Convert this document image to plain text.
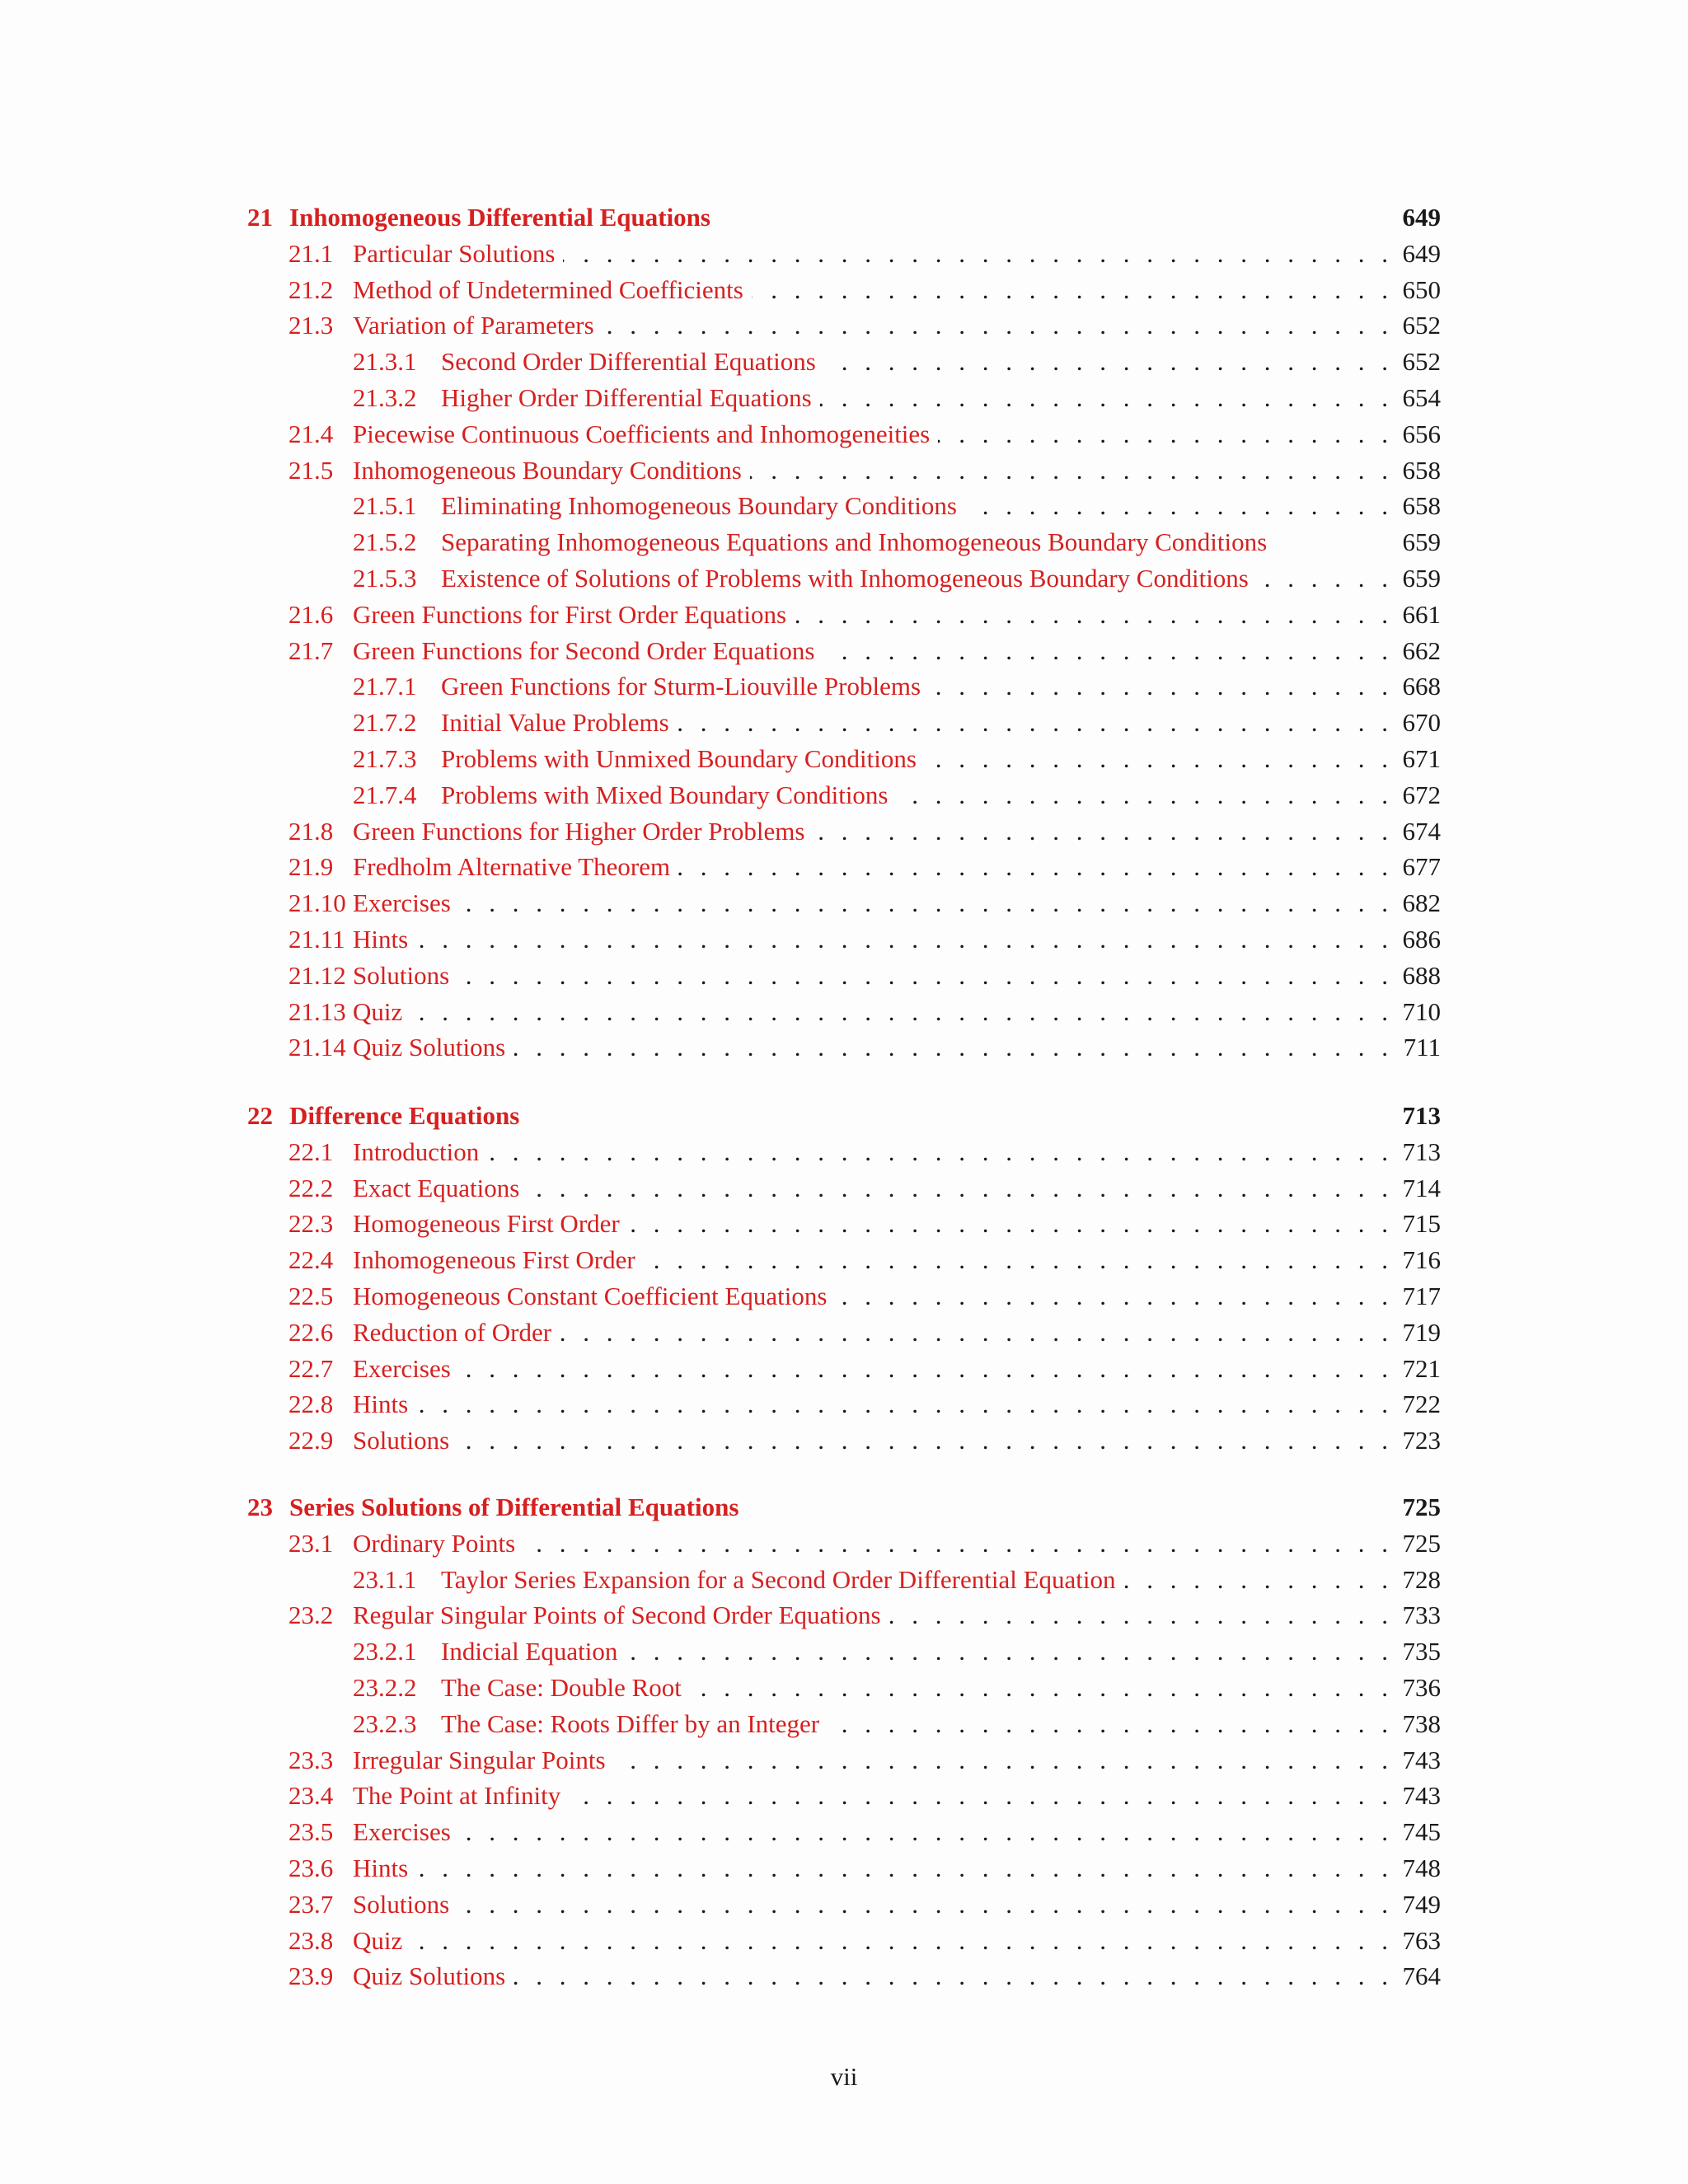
21 Inhomogeneous Differential Equations	649
21.1 Particular Solutions . . .	649
21.2 Method of Undetermined Coefficients . . .	650
21.3 Variation of Parameters . . .	652
21.3.1 Second Order Differential Equations . . .	652
21.3.2 Higher Order Differential Equations . . .	654
21.4 Piecewise Continuous Coefficients and Inhomogeneities . . .	656
21.5 Inhomogeneous Boundary Conditions . . .	658
21.5.1 Eliminating Inhomogeneous Boundary Conditions . . .	658
21.5.2 Separating Inhomogeneous Equations and Inhomogeneous Boundary Conditions	659
21.5.3 Existence of Solutions of Problems with Inhomogeneous Boundary Conditions . . .	659
21.6 Green Functions for First Order Equations . . .	661
21.7 Green Functions for Second Order Equations . . .	662
21.7.1 Green Functions for Sturm-Liouville Problems . . .	668
21.7.2 Initial Value Problems . . .	670
21.7.3 Problems with Unmixed Boundary Conditions . . .	671
21.7.4 Problems with Mixed Boundary Conditions . . .	672
21.8 Green Functions for Higher Order Problems . . .	674
21.9 Fredholm Alternative Theorem . . .	677
21.10 Exercises . . .	682
21.11 Hints . . .	686
21.12 Solutions . . .	688
21.13 Quiz . . .	710
21.14 Quiz Solutions . . .	711
22 Difference Equations	713
22.1 Introduction . . .	713
22.2 Exact Equations . . .	714
22.3 Homogeneous First Order . . .	715
22.4 Inhomogeneous First Order . . .	716
22.5 Homogeneous Constant Coefficient Equations . . .	717
22.6 Reduction of Order . . .	719
22.7 Exercises . . .	721
22.8 Hints . . .	722
22.9 Solutions . . .	723
23 Series Solutions of Differential Equations	725
23.1 Ordinary Points . . .	725
23.1.1 Taylor Series Expansion for a Second Order Differential Equation . . .	728
23.2 Regular Singular Points of Second Order Equations . . .	733
23.2.1 Indicial Equation . . .	735
23.2.2 The Case: Double Root . . .	736
23.2.3 The Case: Roots Differ by an Integer . . .	738
23.3 Irregular Singular Points . . .	743
23.4 The Point at Infinity . . .	743
23.5 Exercises . . .	745
23.6 Hints . . .	748
23.7 Solutions . . .	749
23.8 Quiz . . .	763
23.9 Quiz Solutions . . .	764
vii
